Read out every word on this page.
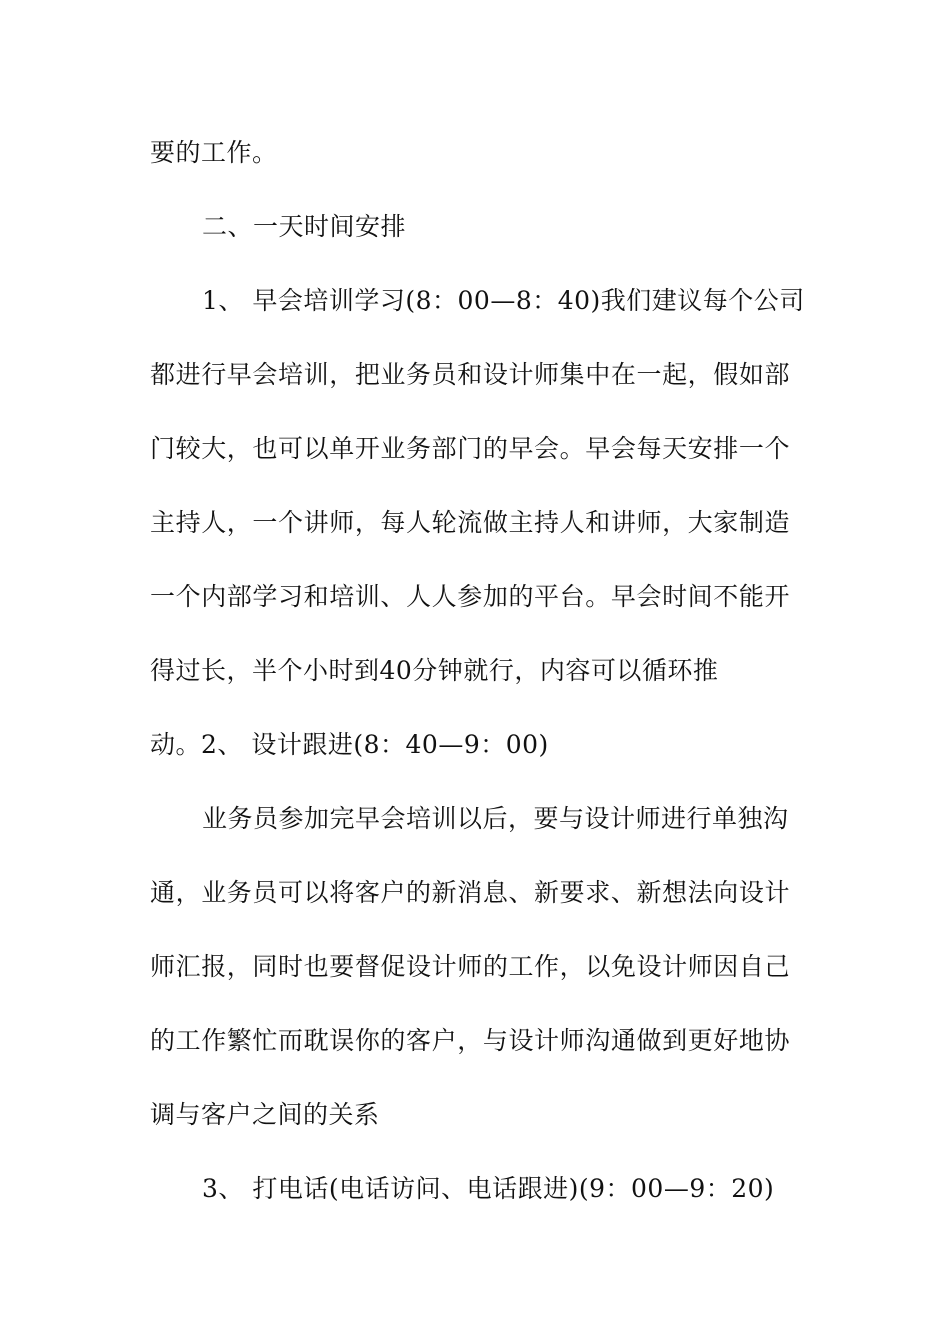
要的工作。
二、一天时间安排
1、 早会培训学习(8：00—8：40)我们建议每个公司
都进行早会培训，把业务员和设计师集中在一起，假如部
门较大，也可以单开业务部门的早会。早会每天安排一个
主持人，一个讲师，每人轮流做主持人和讲师，大家制造
一个内部学习和培训、人人参加的平台。早会时间不能开
得过长，半个小时到40分钟就行，内容可以循环推
动。2、 设计跟进(8：40—9：00)
业务员参加完早会培训以后，要与设计师进行单独沟
通，业务员可以将客户的新消息、新要求、新想法向设计
师汇报，同时也要督促设计师的工作，以免设计师因自己
的工作繁忙而耽误你的客户，与设计师沟通做到更好地协
调与客户之间的关系
3、 打电话(电话访问、电话跟进)(9：00—9：20)
